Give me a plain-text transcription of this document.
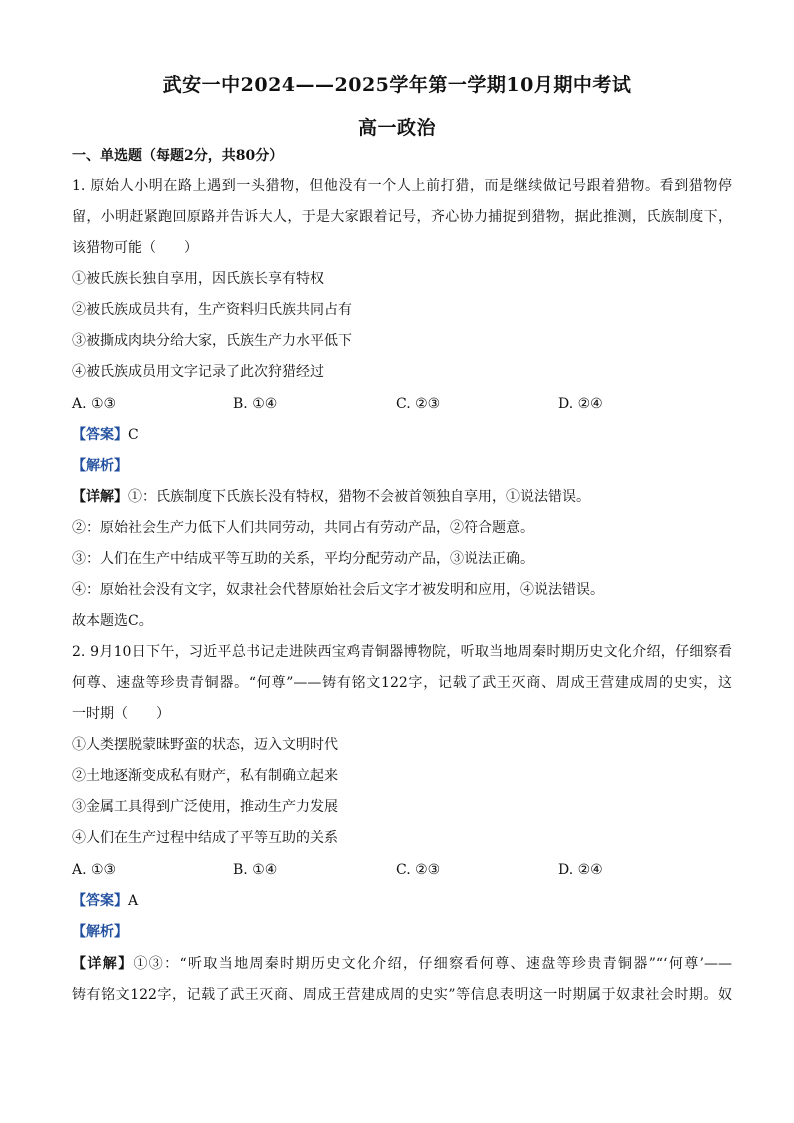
武安一中2024——2025学年第一学期10月期中考试
高一政治
一、单选题（每题2分，共80分）
1. 原始人小明在路上遇到一头猎物，但他没有一个人上前打猎，而是继续做记号跟着猎物。看到猎物停
留，小明赶紧跑回原路并告诉大人，于是大家跟着记号，齐心协力捕捉到猎物，据此推测，氏族制度下，
该猎物可能（　　）
①被氏族长独自享用，因氏族长享有特权
②被氏族成员共有，生产资料归氏族共同占有
③被撕成肉块分给大家，氏族生产力水平低下
④被氏族成员用文字记录了此次狩猎经过
A. ①③	B. ①④	C. ②③	D. ②④
【答案】C
【解析】
【详解】①：氏族制度下氏族长没有特权，猎物不会被首领独自享用，①说法错误。
②：原始社会生产力低下人们共同劳动，共同占有劳动产品，②符合题意。
③：人们在生产中结成平等互助的关系，平均分配劳动产品，③说法正确。
④：原始社会没有文字，奴隶社会代替原始社会后文字才被发明和应用，④说法错误。
故本题选C。
2. 9月10日下午，习近平总书记走进陕西宝鸡青铜器博物院，听取当地周秦时期历史文化介绍，仔细察看
何尊、速盘等珍贵青铜器。“何尊”——铸有铭文122字，记载了武王灭商、周成王营建成周的史实，这
一时期（　　）
①人类摆脱蒙昧野蛮的状态，迈入文明时代
②土地逐渐变成私有财产，私有制确立起来
③金属工具得到广泛使用，推动生产力发展
④人们在生产过程中结成了平等互助的关系
A. ①③	B. ①④	C. ②③	D. ②④
【答案】A
【解析】
【详解】①③：“听取当地周秦时期历史文化介绍，仔细察看何尊、速盘等珍贵青铜器”“‘何尊’——
铸有铭文122字，记载了武王灭商、周成王营建成周的史实”等信息表明这一时期属于奴隶社会时期。奴
